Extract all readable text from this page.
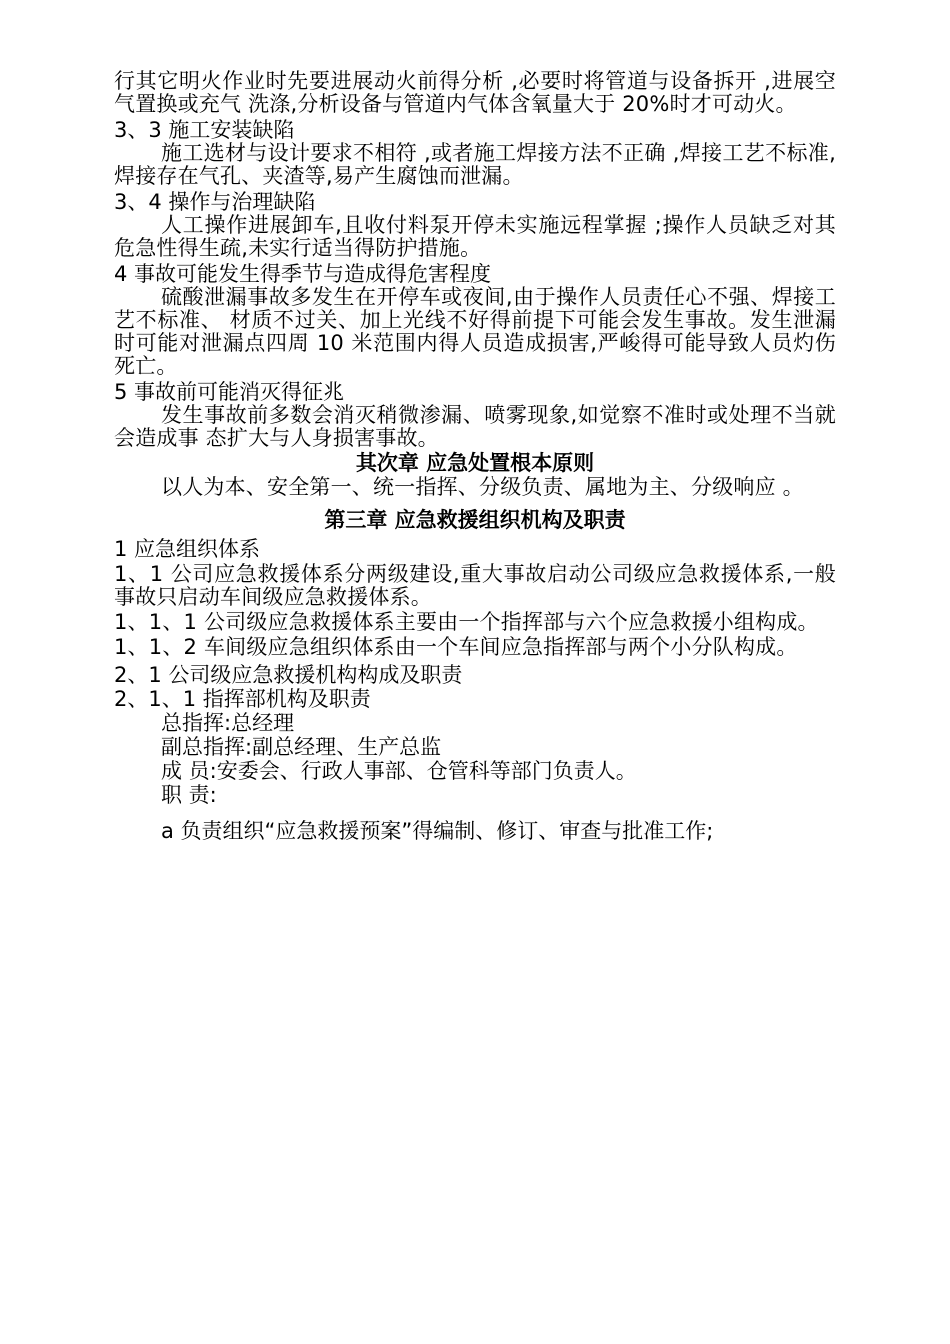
行其它明火作业时先要进展动火前得分析 ,必要时将管道与设备拆开 ,进展空气置换或充气 洗涤,分析设备与管道内气体含氧量大于 20%时才可动火。

3、3 施工安装缺陷

施工选材与设计要求不相符 ,或者施工焊接方法不正确 ,焊接工艺不标准,焊接存在气孔、夹渣等,易产生腐蚀而泄漏。

3、4 操作与治理缺陷

人工操作进展卸车,且收付料泵开停未实施远程掌握 ;操作人员缺乏对其危急性得生疏,未实行适当得防护措施。

4 事故可能发生得季节与造成得危害程度

硫酸泄漏事故多发生在开停车或夜间,由于操作人员责任心不强、焊接工艺不标准、 材质不过关、加上光线不好得前提下可能会发生事故。发生泄漏时可能对泄漏点四周 10 米范围内得人员造成损害,严峻得可能导致人员灼伤死亡。

5 事故前可能消灭得征兆

发生事故前多数会消灭稍微渗漏、喷雾现象,如觉察不准时或处理不当就会造成事 态扩大与人身损害事故。

其次章 应急处置根本原则

以人为本、安全第一、统一指挥、分级负责、属地为主、分级响应 。

第三章 应急救援组织机构及职责

1 应急组织体系

1、1 公司应急救援体系分两级建设,重大事故启动公司级应急救援体系,一般事故只启动车间级应急救援体系。

1、1、1 公司级应急救援体系主要由一个指挥部与六个应急救援小组构成。

1、1、2 车间级应急组织体系由一个车间应急指挥部与两个小分队构成。

2、1 公司级应急救援机构构成及职责

2、1、1 指挥部机构及职责

总指挥:总经理

副总指挥:副总经理、生产总监

成 员:安委会、行政人事部、仓管科等部门负责人。

职 责:

a 负责组织“应急救援预案”得编制、修订、审查与批准工作;
